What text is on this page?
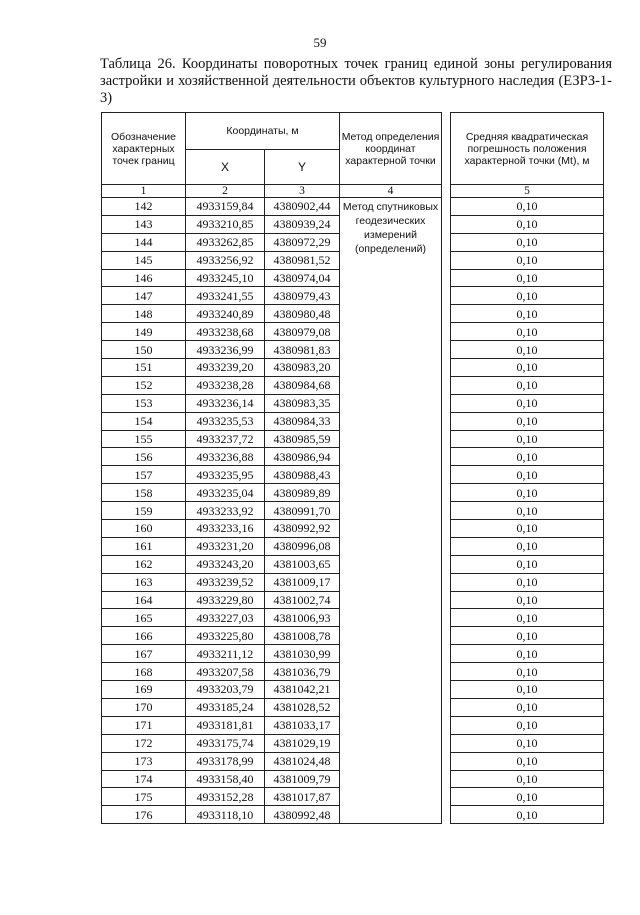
59
Таблица 26. Координаты поворотных точек границ единой зоны регулирования застройки и хозяйственной деятельности объектов культурного наследия (ЕЗРЗ-1-3)
Обозначение характерных точек границ	Координаты, м		Метод определения координат характерной точки		Средняя квадратическая погрешность положения характерной точки (Mt), м
	X	Y			
1	2	3	4		5
142	4933159,84	4380902,44	Метод спутниковых геодезических измерений (определений)		0,10
143	4933210,85	4380939,24			0,10
144	4933262,85	4380972,29			0,10
145	4933256,92	4380981,52			0,10
146	4933245,10	4380974,04			0,10
147	4933241,55	4380979,43			0,10
148	4933240,89	4380980,48			0,10
149	4933238,68	4380979,08			0,10
150	4933236,99	4380981,83			0,10
151	4933239,20	4380983,20			0,10
152	4933238,28	4380984,68			0,10
153	4933236,14	4380983,35			0,10
154	4933235,53	4380984,33			0,10
155	4933237,72	4380985,59			0,10
156	4933236,88	4380986,94			0,10
157	4933235,95	4380988,43			0,10
158	4933235,04	4380989,89			0,10
159	4933233,92	4380991,70			0,10
160	4933233,16	4380992,92			0,10
161	4933231,20	4380996,08			0,10
162	4933243,20	4381003,65			0,10
163	4933239,52	4381009,17			0,10
164	4933229,80	4381002,74			0,10
165	4933227,03	4381006,93			0,10
166	4933225,80	4381008,78			0,10
167	4933211,12	4381030,99			0,10
168	4933207,58	4381036,79			0,10
169	4933203,79	4381042,21			0,10
170	4933185,24	4381028,52			0,10
171	4933181,81	4381033,17			0,10
172	4933175,74	4381029,19			0,10
173	4933178,99	4381024,48			0,10
174	4933158,40	4381009,79			0,10
175	4933152,28	4381017,87			0,10
176	4933118,10	4380992,48			0,10
